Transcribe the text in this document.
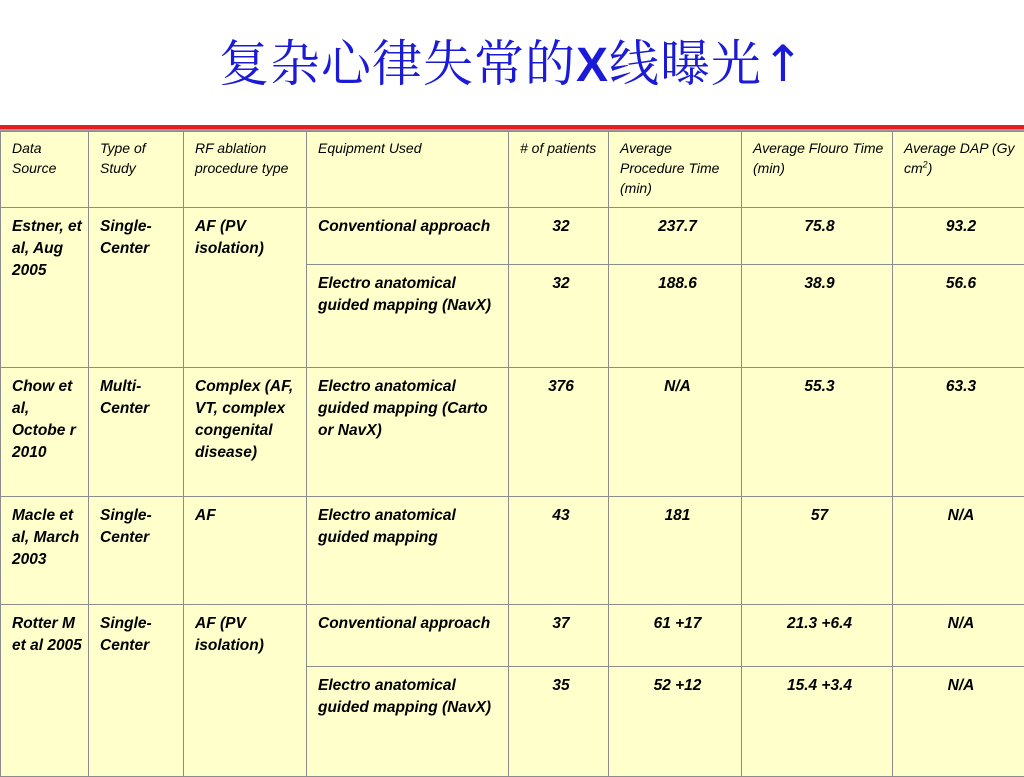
复杂心律失常的X线曝光↑
Data Source	Type of Study	RF ablation procedure type	Equipment Used	# of patients	Average Procedure Time (min)	Average Flouro Time (min)	Average DAP (Gy $cm^2$)
Estner, et al, Aug 2005	Single-Center	AF (PV isolation)	Conventional approach	32	237.7	75.8	93.2
			Electro anatomical guided mapping (NavX)	32	188.6	38.9	56.6
Chow et al, Octobe r 2010	Multi-Center	Complex (AF, VT, complex congenital disease)	Electro anatomical guided mapping (Carto or NavX)	376	N/A	55.3	63.3
Macle et al, March 2003	Single-Center	AF	Electro anatomical guided mapping	43	181	57	N/A
Rotter M et al 2005	Single-Center	AF (PV isolation)	Conventional approach	37	61 +17	21.3 +6.4	N/A
			Electro anatomical guided mapping (NavX)	35	52 +12	15.4 +3.4	N/A
